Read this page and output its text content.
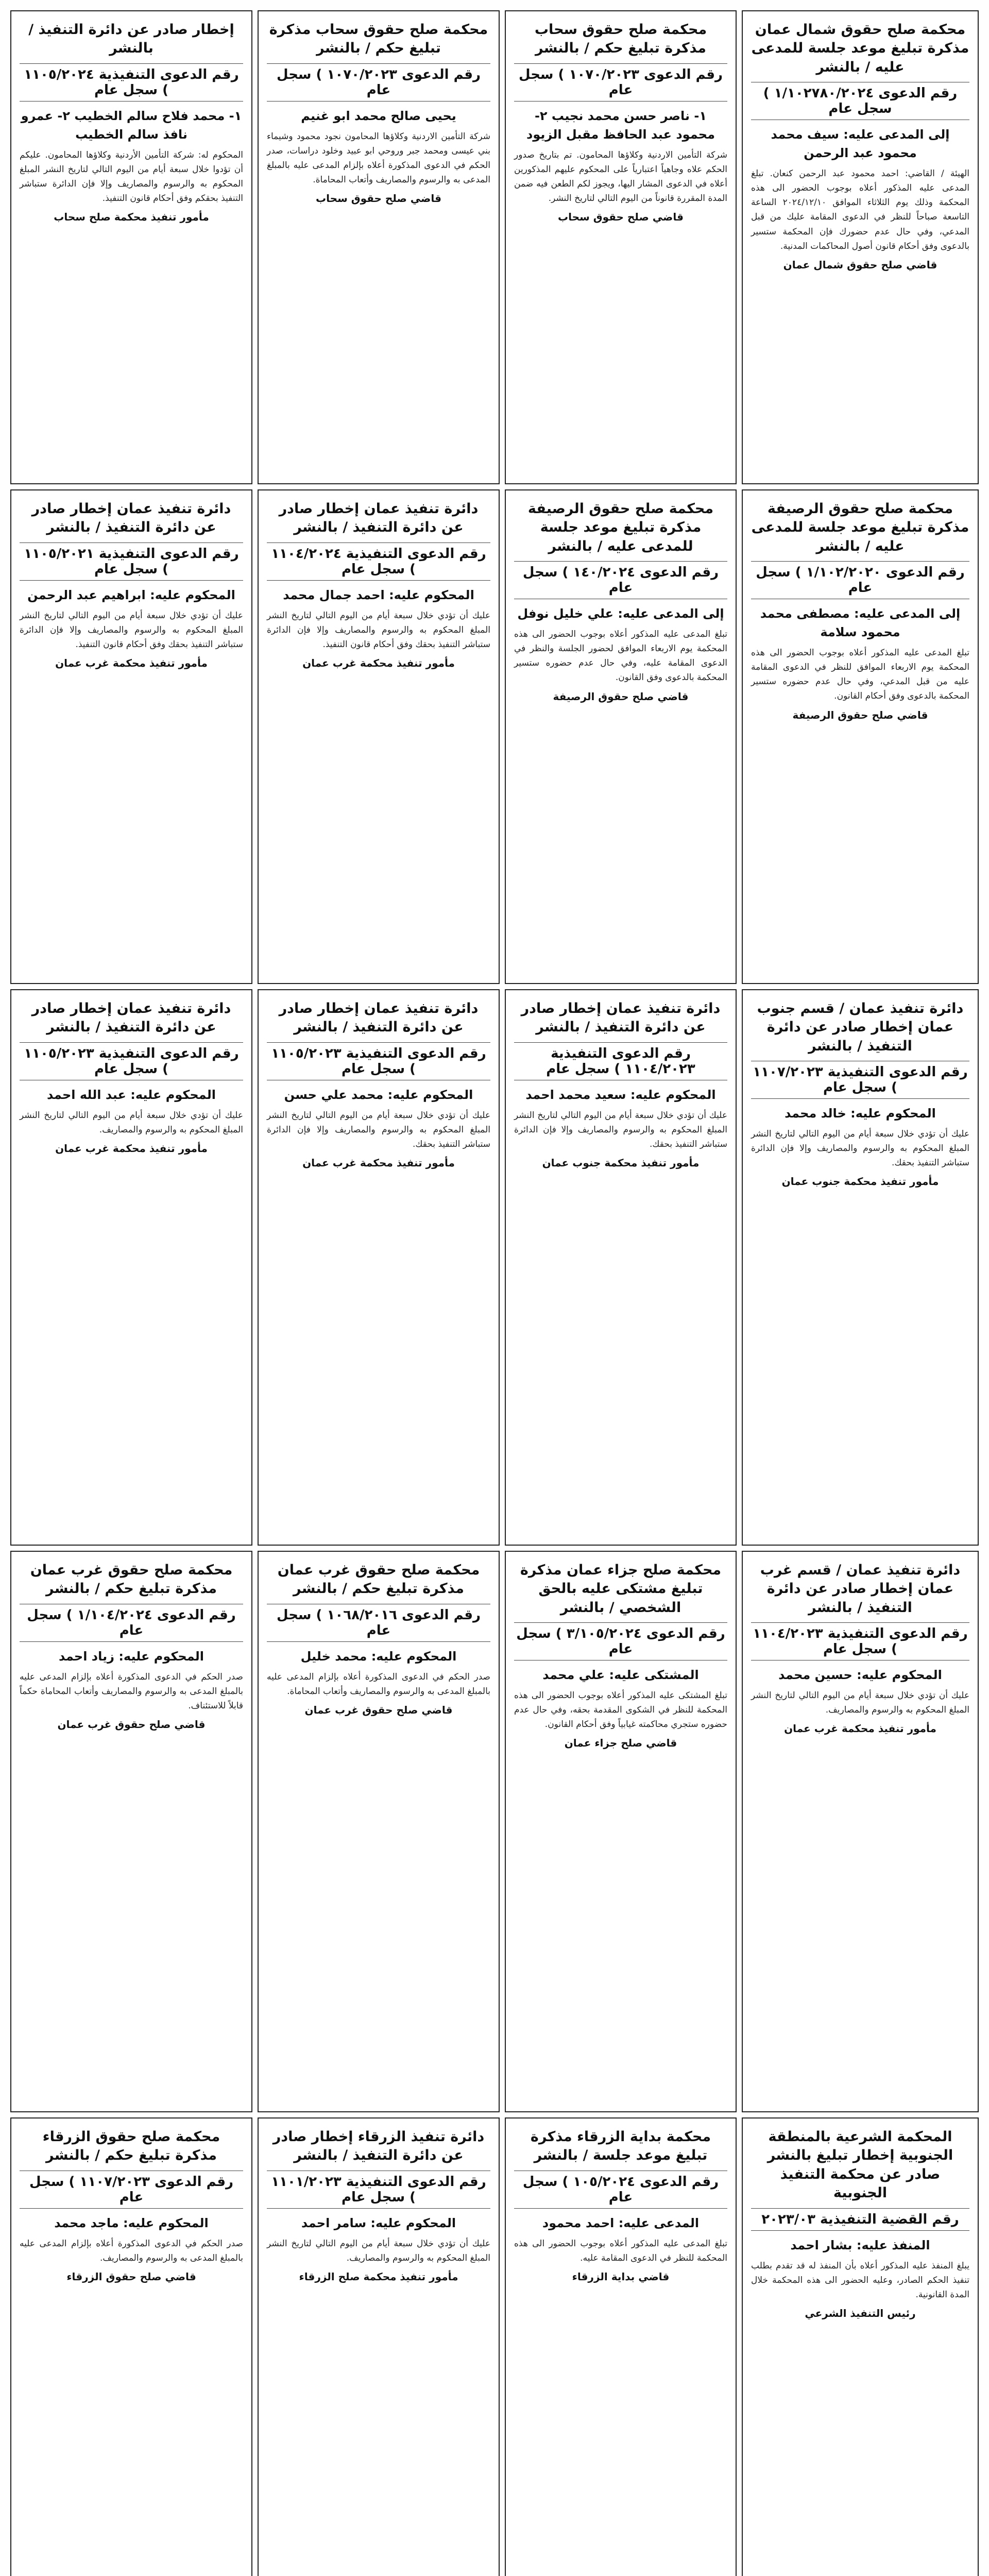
محكمة صلح حقوق شمال عمان مذكرة تبليغ موعد جلسة للمدعى عليه / بالنشر
رقم الدعوى ١/١٠٢٧٨٠/٢٠٢٤ ) سجل عام
إلى المدعى عليه: سيف محمد محمود عبد الرحمن
الهيئة / القاضي: احمد محمود عبد الرحمن كنعان. تبلغ المدعى عليه المذكور أعلاه بوجوب الحضور الى هذه المحكمة وذلك يوم الثلاثاء الموافق ٢٠٢٤/١٢/١٠ الساعة التاسعة صباحاً للنظر في الدعوى المقامة عليك من قبل المدعي، وفي حال عدم حضورك فإن المحكمة ستسير بالدعوى وفق أحكام قانون أصول المحاكمات المدنية.
قاضي صلح حقوق شمال عمان
محكمة صلح حقوق سحاب مذكرة تبليغ حكم / بالنشر
رقم الدعوى ١٠٧٠/٢٠٢٣ ) سجل عام
١- ناصر حسن محمد نجيب ٢- محمود عبد الحافظ مقبل الزيود
شركة التأمين الاردنية وكلاؤها المحامون. تم بتاريخ صدور الحكم علاه وجاهياً اعتبارياً على المحكوم عليهم المذكورين أعلاه في الدعوى المشار اليها، ويجوز لكم الطعن فيه ضمن المدة المقررة قانوناً من اليوم التالي لتاريخ النشر.
قاضي صلح حقوق سحاب
محكمة صلح حقوق سحاب مذكرة تبليغ حكم / بالنشر
رقم الدعوى ١٠٧٠/٢٠٢٣ ) سجل عام
يحيى صالح محمد ابو غنيم
شركة التأمين الاردنية وكلاؤها المحامون نجود محمود وشيماء بني عيسى ومحمد جبر وروحي ابو عبيد وخلود دراسات، صدر الحكم في الدعوى المذكورة أعلاه بإلزام المدعى عليه بالمبلغ المدعى به والرسوم والمصاريف وأتعاب المحاماة.
قاضي صلح حقوق سحاب
إخطار صادر عن دائرة التنفيذ / بالنشر
رقم الدعوى التنفيذية ١١٠٥/٢٠٢٤ ) سجل عام
١- محمد فلاح سالم الخطيب ٢- عمرو نافذ سالم الخطيب
المحكوم له: شركة التأمين الأردنية وكلاؤها المحامون. عليكم أن تؤدوا خلال سبعة أيام من اليوم التالي لتاريخ النشر المبلغ المحكوم به والرسوم والمصاريف وإلا فإن الدائرة ستباشر التنفيذ بحقكم وفق أحكام قانون التنفيذ.
مأمور تنفيذ محكمة صلح سحاب
محكمة صلح حقوق الرصيفة مذكرة تبليغ موعد جلسة للمدعى عليه / بالنشر
رقم الدعوى ١/١٠٢/٢٠٢٠ ) سجل عام
إلى المدعى عليه: مصطفى محمد محمود سلامة
تبلغ المدعى عليه المذكور أعلاه بوجوب الحضور الى هذه المحكمة يوم الاربعاء الموافق للنظر في الدعوى المقامة عليه من قبل المدعي، وفي حال عدم حضوره ستسير المحكمة بالدعوى وفق أحكام القانون.
قاضي صلح حقوق الرصيفة
محكمة صلح حقوق الرصيفة مذكرة تبليغ موعد جلسة للمدعى عليه / بالنشر
رقم الدعوى ١٤٠/٢٠٢٤ ) سجل عام
إلى المدعى عليه: علي خليل نوفل
تبلغ المدعى عليه المذكور أعلاه بوجوب الحضور الى هذه المحكمة يوم الاربعاء الموافق لحضور الجلسة والنظر في الدعوى المقامة عليه، وفي حال عدم حضوره ستسير المحكمة بالدعوى وفق القانون.
قاضي صلح حقوق الرصيفة
دائرة تنفيذ عمان إخطار صادر عن دائرة التنفيذ / بالنشر
رقم الدعوى التنفيذية ١١٠٤/٢٠٢٤ ) سجل عام
المحكوم عليه: احمد جمال محمد
عليك أن تؤدي خلال سبعة أيام من اليوم التالي لتاريخ النشر المبلغ المحكوم به والرسوم والمصاريف وإلا فإن الدائرة ستباشر التنفيذ بحقك وفق أحكام قانون التنفيذ.
مأمور تنفيذ محكمة غرب عمان
دائرة تنفيذ عمان إخطار صادر عن دائرة التنفيذ / بالنشر
رقم الدعوى التنفيذية ١١٠٥/٢٠٢١ ) سجل عام
المحكوم عليه: ابراهيم عبد الرحمن
عليك أن تؤدي خلال سبعة أيام من اليوم التالي لتاريخ النشر المبلغ المحكوم به والرسوم والمصاريف وإلا فإن الدائرة ستباشر التنفيذ بحقك وفق أحكام قانون التنفيذ.
مأمور تنفيذ محكمة غرب عمان
دائرة تنفيذ عمان / قسم جنوب عمان إخطار صادر عن دائرة التنفيذ / بالنشر
رقم الدعوى التنفيذية ١١٠٧/٢٠٢٣ ) سجل عام
المحكوم عليه: خالد محمد
عليك أن تؤدي خلال سبعة أيام من اليوم التالي لتاريخ النشر المبلغ المحكوم به والرسوم والمصاريف وإلا فإن الدائرة ستباشر التنفيذ بحقك.
مأمور تنفيذ محكمة جنوب عمان
دائرة تنفيذ عمان إخطار صادر عن دائرة التنفيذ / بالنشر
رقم الدعوى التنفيذية ١١٠٤/٢٠٢٣ ) سجل عام
المحكوم عليه: سعيد محمد احمد
عليك أن تؤدي خلال سبعة أيام من اليوم التالي لتاريخ النشر المبلغ المحكوم به والرسوم والمصاريف وإلا فإن الدائرة ستباشر التنفيذ بحقك.
مأمور تنفيذ محكمة جنوب عمان
دائرة تنفيذ عمان إخطار صادر عن دائرة التنفيذ / بالنشر
رقم الدعوى التنفيذية ١١٠٥/٢٠٢٣ ) سجل عام
المحكوم عليه: محمد علي حسن
عليك أن تؤدي خلال سبعة أيام من اليوم التالي لتاريخ النشر المبلغ المحكوم به والرسوم والمصاريف وإلا فإن الدائرة ستباشر التنفيذ بحقك.
مأمور تنفيذ محكمة غرب عمان
دائرة تنفيذ عمان إخطار صادر عن دائرة التنفيذ / بالنشر
رقم الدعوى التنفيذية ١١٠٥/٢٠٢٣ ) سجل عام
المحكوم عليه: عبد الله احمد
عليك أن تؤدي خلال سبعة أيام من اليوم التالي لتاريخ النشر المبلغ المحكوم به والرسوم والمصاريف.
مأمور تنفيذ محكمة غرب عمان
دائرة تنفيذ عمان / قسم غرب عمان إخطار صادر عن دائرة التنفيذ / بالنشر
رقم الدعوى التنفيذية ١١٠٤/٢٠٢٣ ) سجل عام
المحكوم عليه: حسين محمد
عليك أن تؤدي خلال سبعة أيام من اليوم التالي لتاريخ النشر المبلغ المحكوم به والرسوم والمصاريف.
مأمور تنفيذ محكمة غرب عمان
محكمة صلح جزاء عمان مذكرة تبليغ مشتكى عليه بالحق الشخصي / بالنشر
رقم الدعوى ٣/١٠٥/٢٠٢٤ ) سجل عام
المشتكى عليه: علي محمد
تبلغ المشتكى عليه المذكور أعلاه بوجوب الحضور الى هذه المحكمة للنظر في الشكوى المقدمة بحقه، وفي حال عدم حضوره ستجري محاكمته غيابياً وفق أحكام القانون.
قاضي صلح جزاء عمان
محكمة صلح حقوق غرب عمان مذكرة تبليغ حكم / بالنشر
رقم الدعوى ١٠٦٨/٢٠١٦ ) سجل عام
المحكوم عليه: محمد خليل
صدر الحكم في الدعوى المذكورة أعلاه بإلزام المدعى عليه بالمبلغ المدعى به والرسوم والمصاريف وأتعاب المحاماة.
قاضي صلح حقوق غرب عمان
محكمة صلح حقوق غرب عمان مذكرة تبليغ حكم / بالنشر
رقم الدعوى ١/١٠٤/٢٠٢٤ ) سجل عام
المحكوم عليه: زياد احمد
صدر الحكم في الدعوى المذكورة أعلاه بإلزام المدعى عليه بالمبلغ المدعى به والرسوم والمصاريف وأتعاب المحاماة حكماً قابلاً للاستئناف.
قاضي صلح حقوق غرب عمان
المحكمة الشرعية بالمنطقة الجنوبية إخطار تبليغ بالنشر صادر عن محكمة التنفيذ الجنوبية
رقم القضية التنفيذية ٢٠٢٣/٠٣
المنفذ عليه: بشار احمد
يبلغ المنفذ عليه المذكور أعلاه بأن المنفذ له قد تقدم بطلب تنفيذ الحكم الصادر، وعليه الحضور الى هذه المحكمة خلال المدة القانونية.
رئيس التنفيذ الشرعي
محكمة بداية الزرقاء مذكرة تبليغ موعد جلسة / بالنشر
رقم الدعوى ١٠٥/٢٠٢٤ ) سجل عام
المدعى عليه: احمد محمود
تبلغ المدعى عليه المذكور أعلاه بوجوب الحضور الى هذه المحكمة للنظر في الدعوى المقامة عليه.
قاضي بداية الزرقاء
دائرة تنفيذ الزرقاء إخطار صادر عن دائرة التنفيذ / بالنشر
رقم الدعوى التنفيذية ١١٠١/٢٠٢٣ ) سجل عام
المحكوم عليه: سامر احمد
عليك أن تؤدي خلال سبعة أيام من اليوم التالي لتاريخ النشر المبلغ المحكوم به والرسوم والمصاريف.
مأمور تنفيذ محكمة صلح الزرقاء
محكمة صلح حقوق الزرقاء مذكرة تبليغ حكم / بالنشر
رقم الدعوى ١١٠٧/٢٠٢٣ ) سجل عام
المحكوم عليه: ماجد محمد
صدر الحكم في الدعوى المذكورة أعلاه بإلزام المدعى عليه بالمبلغ المدعى به والرسوم والمصاريف.
قاضي صلح حقوق الزرقاء
